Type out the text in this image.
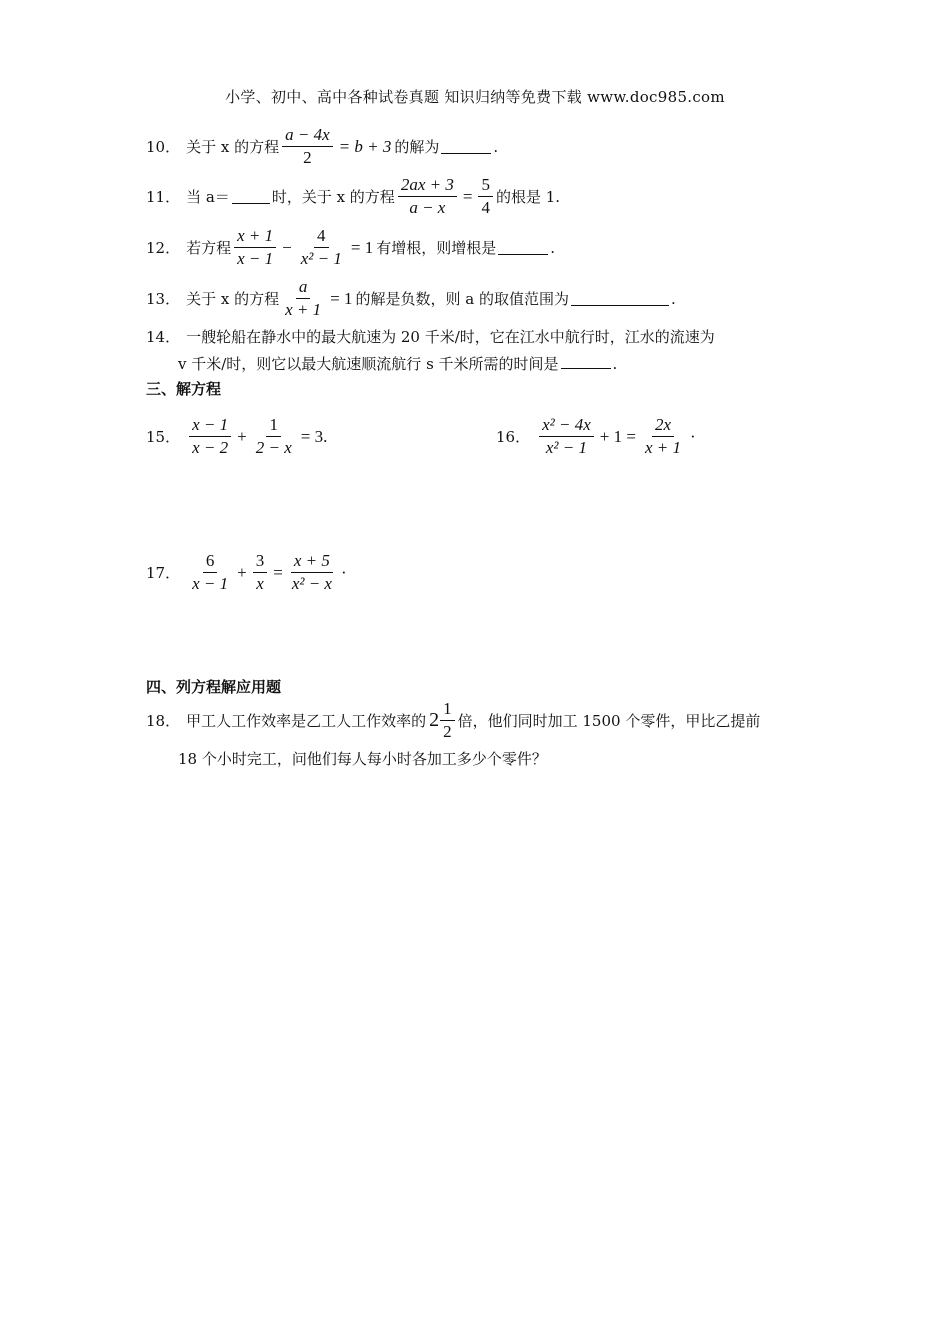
小学、初中、高中各种试卷真题 知识归纳等免费下载 www.doc985.com
10． 关于 x 的方程 $\frac{a - 4x}{2} = b + 3$ 的解为	.
11． 当 a＝	时，关于 x 的方程 $\frac{2ax + 3}{a - x} = \frac{5}{4}$ 的根是 1.
12． 若方程 $\frac{x + 1}{x - 1} - \frac{4}{\text{x² − 1}} = 1$ 有增根，则增根是	.
13． 关于 x 的方程 $\frac{a}{x + 1} = 1$ 的解是负数，则 a 的取值范围为	.
14． 一艘轮船在静水中的最大航速为 20 千米/时，它在江水中航行时，江水的流速为
v 千米/时，则它以最大航速顺流航行 s 千米所需的时间是	.
三、解方程
15． $\frac{x - 1}{x - 2} + \frac{1}{2 - x} = 3$.	16． $\frac{\text{x² − 4x}}{\text{x² − 1}} + 1 = \frac{2x}{x + 1}$ ·
17． $\frac{6}{x - 1} + \frac{3}{x} = \frac{x + 5}{\text{x² − x}}$ ·
四、列方程解应用题
18． 甲工人工作效率是乙工人工作效率的 $2 \frac{1}{2}$ 倍，他们同时加工 1500 个零件，甲比乙提前
18 个小时完工，问他们每人每小时各加工多少个零件？
